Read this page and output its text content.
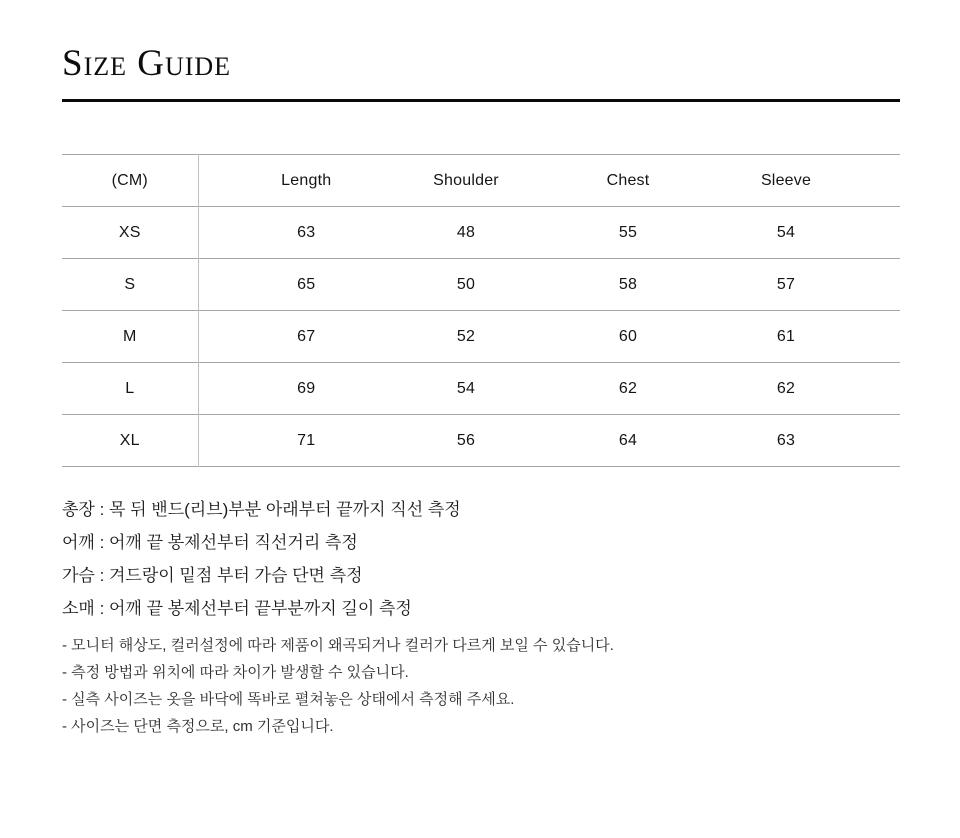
Size Guide
(CM)	Length	Shoulder	Chest	Sleeve	
XS	63	48	55	54	
S	65	50	58	57	
M	67	52	60	61	
L	69	54	62	62	
XL	71	56	64	63	

총장 : 목 뒤 밴드(리브)부분 아래부터 끝까지 직선 측정

어깨 : 어깨 끝 봉제선부터 직선거리 측정

가슴 : 겨드랑이 밑점 부터 가슴 단면 측정

소매 : 어깨 끝 봉제선부터 끝부분까지 길이 측정

- 모니터 해상도, 컬러설정에 따라 제품이 왜곡되거나 컬러가 다르게 보일 수 있습니다.

- 측정 방법과 위치에 따라 차이가 발생할 수 있습니다.

- 실측 사이즈는 옷을 바닥에 똑바로 펼쳐놓은 상태에서 측정해 주세요.

- 사이즈는 단면 측정으로, cm 기준입니다.
